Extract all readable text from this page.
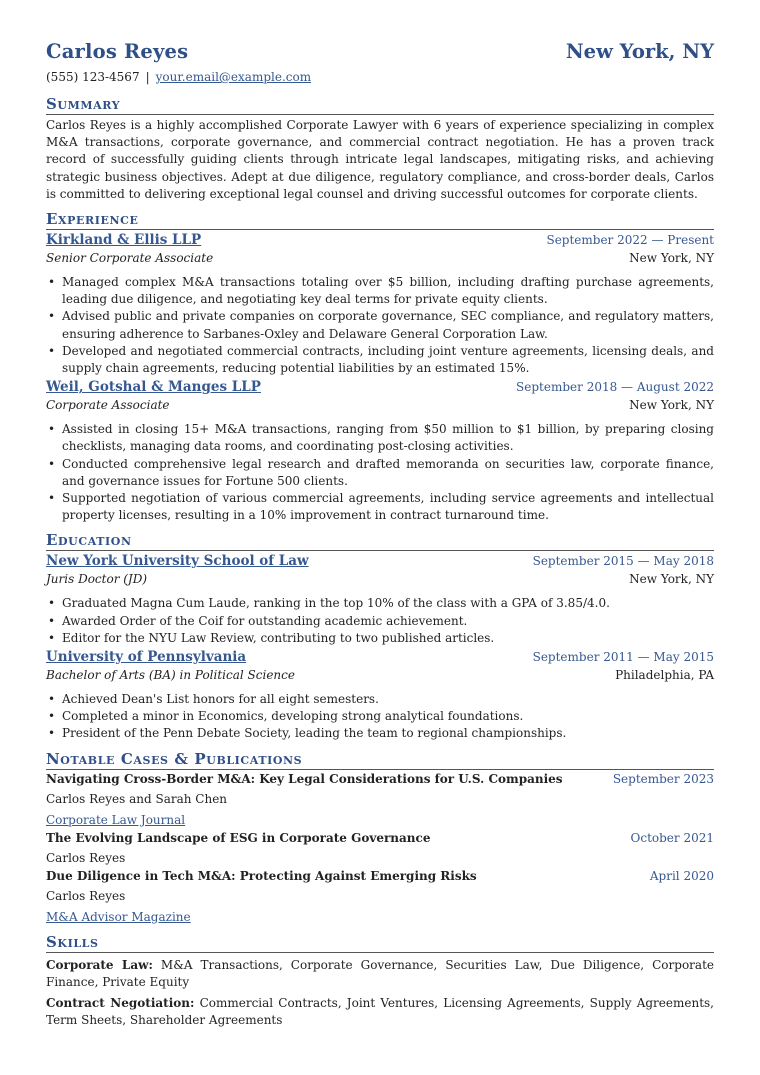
Carlos Reyes	New York, NY
(555) 123-4567 | your.email@example.com
Summary
Carlos Reyes is a highly accomplished Corporate Lawyer with 6 years of experience specializing in complex M&A transactions, corporate governance, and commercial contract negotiation. He has a proven track record of successfully guiding clients through intricate legal landscapes, mitigating risks, and achieving strategic business objectives. Adept at due diligence, regulatory compliance, and cross-border deals, Carlos is committed to delivering exceptional legal counsel and driving successful outcomes for corporate clients.
Experience
Kirkland & Ellis LLP	September 2022 — Present
Senior Corporate Associate	New York, NY
• Managed complex M&A transactions totaling over $5 billion, including drafting purchase agreements, leading due diligence, and negotiating key deal terms for private equity clients.
• Advised public and private companies on corporate governance, SEC compliance, and regulatory matters, ensuring adherence to Sarbanes-Oxley and Delaware General Corporation Law.
• Developed and negotiated commercial contracts, including joint venture agreements, licensing deals, and supply chain agreements, reducing potential liabilities by an estimated 15%.
Weil, Gotshal & Manges LLP	September 2018 — August 2022
Corporate Associate	New York, NY
• Assisted in closing 15+ M&A transactions, ranging from $50 million to $1 billion, by preparing closing checklists, managing data rooms, and coordinating post-closing activities.
• Conducted comprehensive legal research and drafted memoranda on securities law, corporate finance, and governance issues for Fortune 500 clients.
• Supported negotiation of various commercial agreements, including service agreements and intellectual property licenses, resulting in a 10% improvement in contract turnaround time.
Education
New York University School of Law	September 2015 — May 2018
Juris Doctor (JD)	New York, NY
• Graduated Magna Cum Laude, ranking in the top 10% of the class with a GPA of 3.85/4.0.
• Awarded Order of the Coif for outstanding academic achievement.
• Editor for the NYU Law Review, contributing to two published articles.
University of Pennsylvania	September 2011 — May 2015
Bachelor of Arts (BA) in Political Science	Philadelphia, PA
• Achieved Dean's List honors for all eight semesters.
• Completed a minor in Economics, developing strong analytical foundations.
• President of the Penn Debate Society, leading the team to regional championships.
Notable Cases & Publications
Navigating Cross-Border M&A: Key Legal Considerations for U.S. Companies	September 2023
Carlos Reyes and Sarah Chen
Corporate Law Journal
The Evolving Landscape of ESG in Corporate Governance	October 2021
Carlos Reyes
Due Diligence in Tech M&A: Protecting Against Emerging Risks	April 2020
Carlos Reyes
M&A Advisor Magazine
Skills
Corporate Law: M&A Transactions, Corporate Governance, Securities Law, Due Diligence, Corporate Finance, Private Equity
Contract Negotiation: Commercial Contracts, Joint Ventures, Licensing Agreements, Supply Agreements, Term Sheets, Shareholder Agreements
